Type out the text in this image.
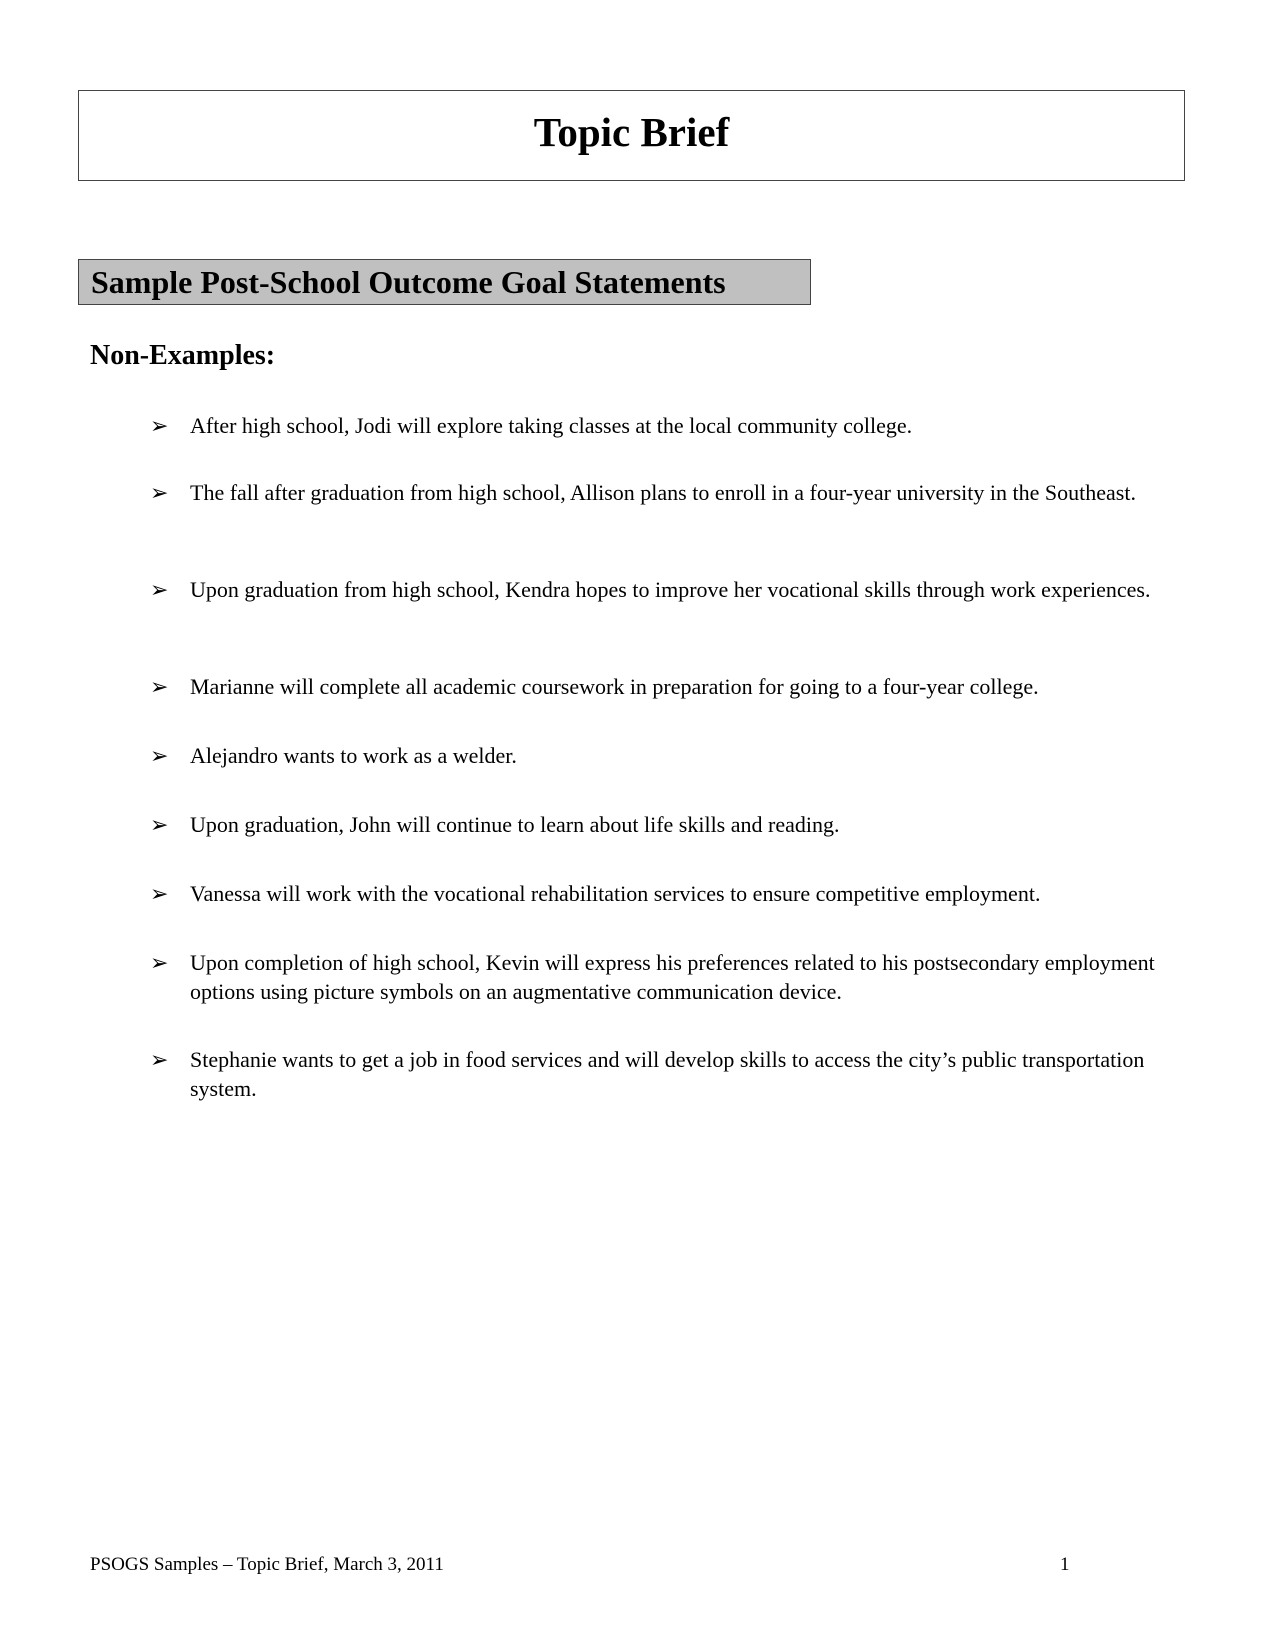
Topic Brief
Sample Post-School Outcome Goal Statements
Non-Examples:
➢ After high school, Jodi will explore taking classes at the local community college.
➢ The fall after graduation from high school, Allison plans to enroll in a four-year university in the Southeast.
➢ Upon graduation from high school, Kendra hopes to improve her vocational skills through work experiences.
➢ Marianne will complete all academic coursework in preparation for going to a four-year college.
➢ Alejandro wants to work as a welder.
➢ Upon graduation, John will continue to learn about life skills and reading.
➢ Vanessa will work with the vocational rehabilitation services to ensure competitive employment.
➢ Upon completion of high school, Kevin will express his preferences related to his postsecondary employment options using picture symbols on an augmentative communication device.
➢ Stephanie wants to get a job in food services and will develop skills to access the city’s public transportation system.
PSOGS Samples – Topic Brief, March 3, 2011	1
